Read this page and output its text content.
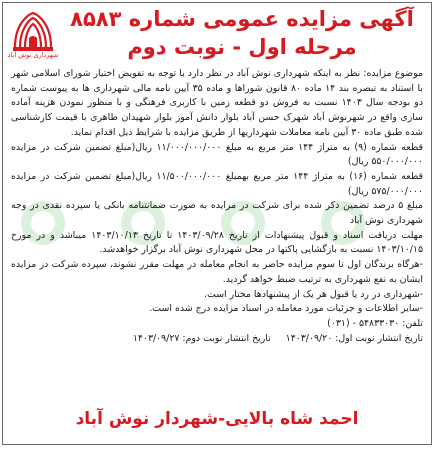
شهرداری نوش آباد
آگهی مزایده عمومی شماره ۸۵۸۳
مرحله اول - نوبت دوم

موضوع مزایده: نظر به اینکه شهرداری نوش آباد در نظر دارد با توجه به تفویض اختیار شورای اسلامی شهر با استناد به تبصره بند ۱۴ ماده ۸۰ قانون شوراها و ماده ۳۵ آیین نامه مالی شهرداری ها به پیوست شماره دو بودجه سال ۱۴۰۳ نسبت به فروش دو قطعه زمین با کاربری فرهنگی و با منظور نمودن هزینه آماده سازی واقع در شهرنوش آباد شهرک حسن آباد بلوار دانش آموز بلوار شهیدان طاهری با قیمت کارشناسی شده طبق ماده ۳۰ آیین نامه معاملات شهرداریها از طریق مزایده با شرایط ذیل اقدام نماید.

قطعه شماره (۹) به متراژ ۱۴۴ متر مربع به مبلغ ۱۱/۰۰۰/۰۰۰/۰۰۰ ریال(مبلغ تضمین شرکت در مزایده ۵۵۰/۰۰۰/۰۰۰ ریال)

قطعه شماره (۱۶) به متراژ ۱۴۴ متر مربع بهمبلغ ۱۱/۵۰۰/۰۰۰/۰۰۰ ریال(مبلغ تضمین شرکت در مزایده ۵۷۵/۰۰۰/۰۰۰ ریال)

مبلغ ۵ درصد تضمین ذکر شده برای شرکت در مزایده به صورت ضمانتنامه بانکی یا سپرده نقدی در وجه شهرداری نوش آباد

مهلت دریافت اسناد و قبول پیشنهادات از تاریخ ۱۴۰۳/۰۹/۲۸ تا تاریخ ۱۴۰۳/۱۰/۱۳ میباشد و در مورخ ۱۴۰۳/۱۰/۱۵ نسبت به بازگشایی پاکتها در محل شهرداری نوش آباد برگزار خواهدشد.

-هرگاه برندگان اول تا سوم مزایده حاضر به انجام معامله در مهلت مقرر نشوند، سپرده شرکت در مزایده ایشان به نفع شهرداری به ترتیب ضبط خواهد گردید.

-شهرداری در رد یا قبول هر یک از پیشنهادها مختار است.

-سایر اطلاعات و جزئیات مورد معامله در اسناد مزایده درج شده است.

تلفن: ۵۴۸۳۳۰۳۰ - (۰۳۱)

تاریخ انتشار نوبت اول: ۱۴۰۳/۰۹/۲۰     تاریخ انتشار نوبت دوم: ۱۴۰۳/۰۹/۲۷

احمد شاه بالایی-شهردار نوش آباد
